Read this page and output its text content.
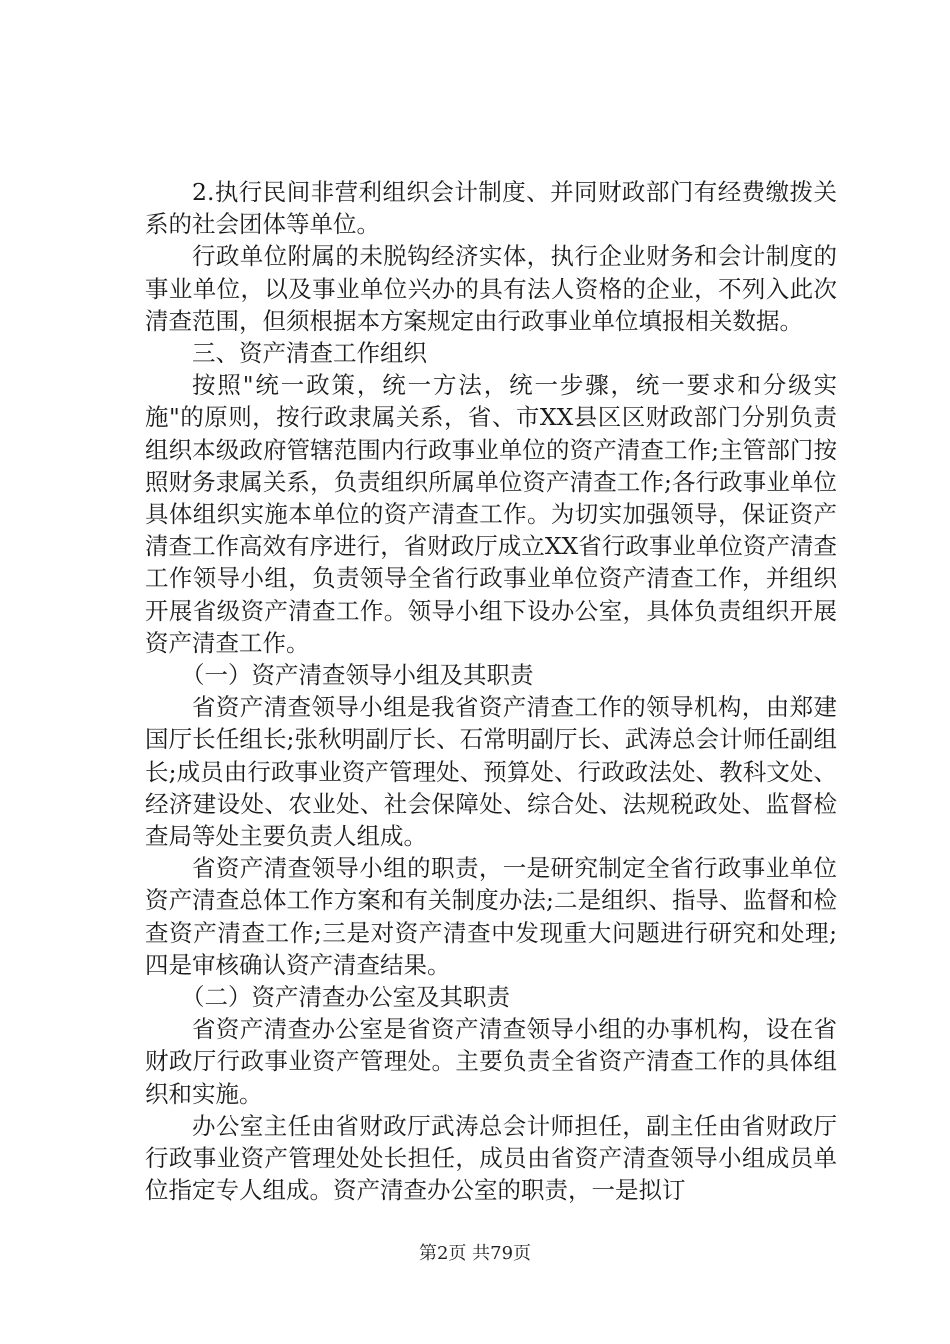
2.执行民间非营利组织会计制度、并同财政部门有经费缴拨关系的社会团体等单位。

行政单位附属的未脱钩经济实体，执行企业财务和会计制度的事业单位，以及事业单位兴办的具有法人资格的企业，不列入此次清查范围，但须根据本方案规定由行政事业单位填报相关数据。

三、资产清查工作组织

按照"统一政策，统一方法，统一步骤，统一要求和分级实施"的原则，按行政隶属关系，省、市XX县区区财政部门分别负责组织本级政府管辖范围内行政事业单位的资产清查工作;主管部门按照财务隶属关系，负责组织所属单位资产清查工作;各行政事业单位具体组织实施本单位的资产清查工作。为切实加强领导，保证资产清查工作高效有序进行，省财政厅成立XX省行政事业单位资产清查工作领导小组，负责领导全省行政事业单位资产清查工作，并组织开展省级资产清查工作。领导小组下设办公室，具体负责组织开展资产清查工作。

（一）资产清查领导小组及其职责

省资产清查领导小组是我省资产清查工作的领导机构，由郑建国厅长任组长;张秋明副厅长、石常明副厅长、武涛总会计师任副组长;成员由行政事业资产管理处、预算处、行政政法处、教科文处、经济建设处、农业处、社会保障处、综合处、法规税政处、监督检查局等处主要负责人组成。

省资产清查领导小组的职责，一是研究制定全省行政事业单位资产清查总体工作方案和有关制度办法;二是组织、指导、监督和检查资产清查工作;三是对资产清查中发现重大问题进行研究和处理;四是审核确认资产清查结果。

（二）资产清查办公室及其职责

省资产清查办公室是省资产清查领导小组的办事机构，设在省财政厅行政事业资产管理处。主要负责全省资产清查工作的具体组织和实施。

办公室主任由省财政厅武涛总会计师担任，副主任由省财政厅行政事业资产管理处处长担任，成员由省资产清查领导小组成员单位指定专人组成。资产清查办公室的职责，一是拟订

第2页 共79页
